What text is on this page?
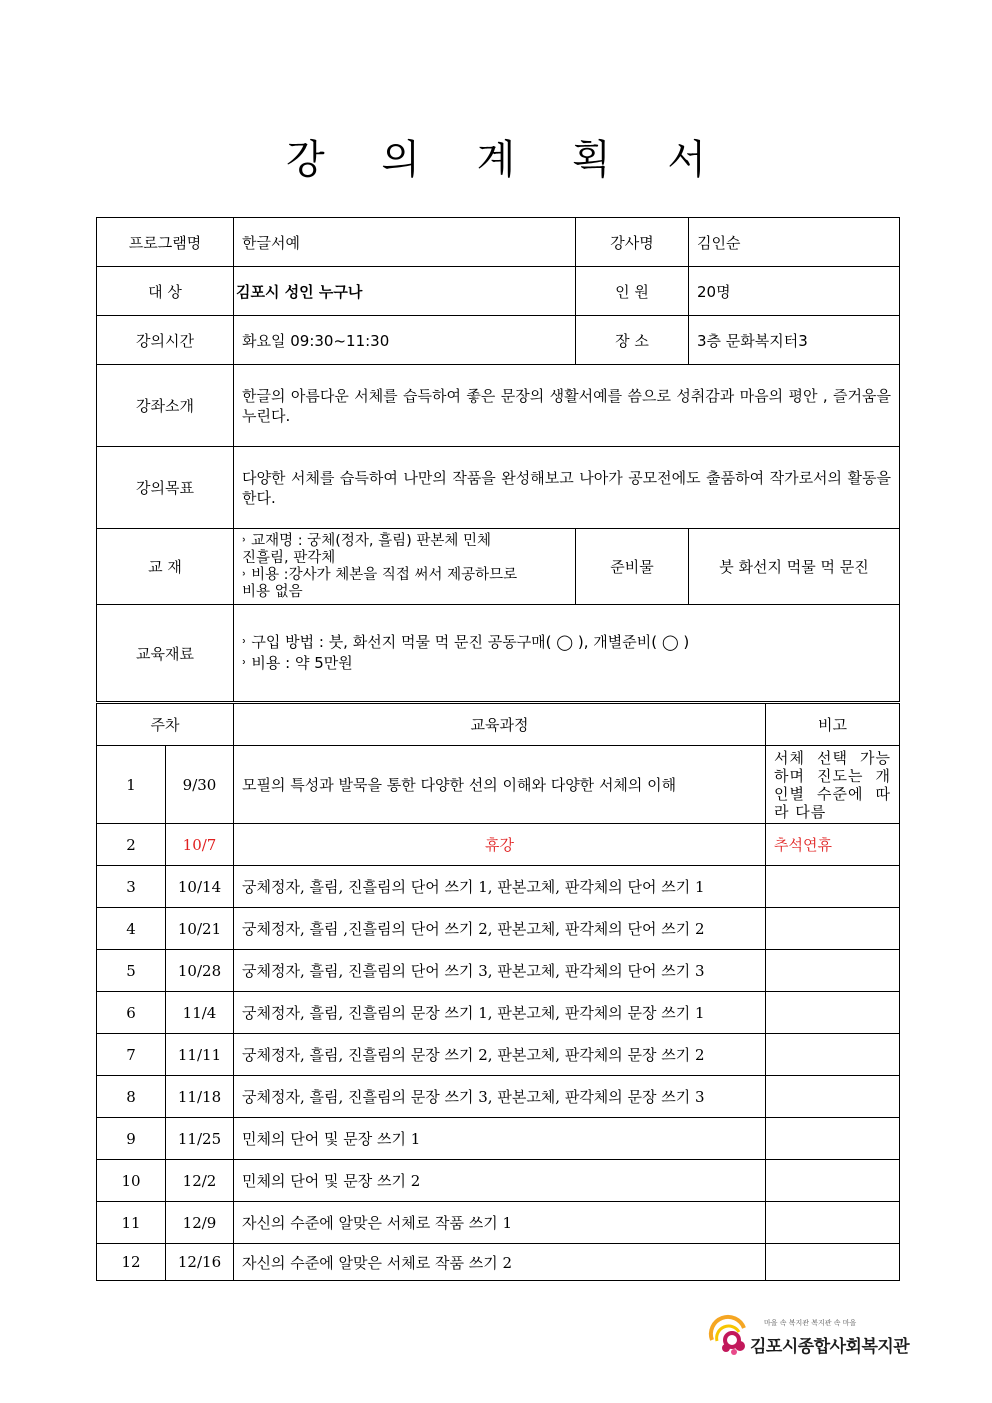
강 의 계 획 서
프로그램명	한글서예	강사명	김인순
대 상	김포시 성인 누구나	인 원	20명
강의시간	화요일 09:30~11:30	장 소	3층 문화복지터3
강좌소개	한글의 아름다운 서체를 습득하여 좋은 문장의 생활서예를 씀으로 성취감과 마음의 평안 , 즐거움을 누린다.		
강의목표	다양한 서체를 습득하여 나만의 작품을 완성해보고 나아가 공모전에도 출품하여 작가로서의 활동을 한다.		
교 재	˒ 교재명 : 궁체(정자, 흘림) 판본체 민체
진흘림, 판각체
˒ 비용 :강사가 체본을 직접 써서 제공하므로
비용 없음	준비물	붓 화선지 먹물 먹 문진
교육재료	˒ 구입 방법 : 붓, 화선지 먹물 먹 문진 공동구매( ◯ ), 개별준비( ◯ )
˒ 비용 : 약 5만원		
주차		교육과정	비고
1	9/30	모필의 특성과 발묵을 통한 다양한 선의 이해와 다양한 서체의 이해	서체 선택 가능하며 진도는 개인별 수준에 따라 다름
2	10/7	휴강	추석연휴
3	10/14	궁체정자, 흘림, 진흘림의 단어 쓰기 1, 판본고체, 판각체의 단어 쓰기 1	
4	10/21	궁체정자, 흘림 ,진흘림의 단어 쓰기 2, 판본고체, 판각체의 단어 쓰기 2	
5	10/28	궁체정자, 흘림, 진흘림의 단어 쓰기 3, 판본고체, 판각체의 단어 쓰기 3	
6	11/4	궁체정자, 흘림, 진흘림의 문장 쓰기 1, 판본고체, 판각체의 문장 쓰기 1	
7	11/11	궁체정자, 흘림, 진흘림의 문장 쓰기 2, 판본고체, 판각체의 문장 쓰기 2	
8	11/18	궁체정자, 흘림, 진흘림의 문장 쓰기 3, 판본고체, 판각체의 문장 쓰기 3	
9	11/25	민체의 단어 및 문장 쓰기 1	
10	12/2	민체의 단어 및 문장 쓰기 2	
11	12/9	자신의 수준에 알맞은 서체로 작품 쓰기 1	
12	12/16	자신의 수준에 알맞은 서체로 작품 쓰기 2	
마을 속 복지관 복지관 속 마을
김포시종합사회복지관
